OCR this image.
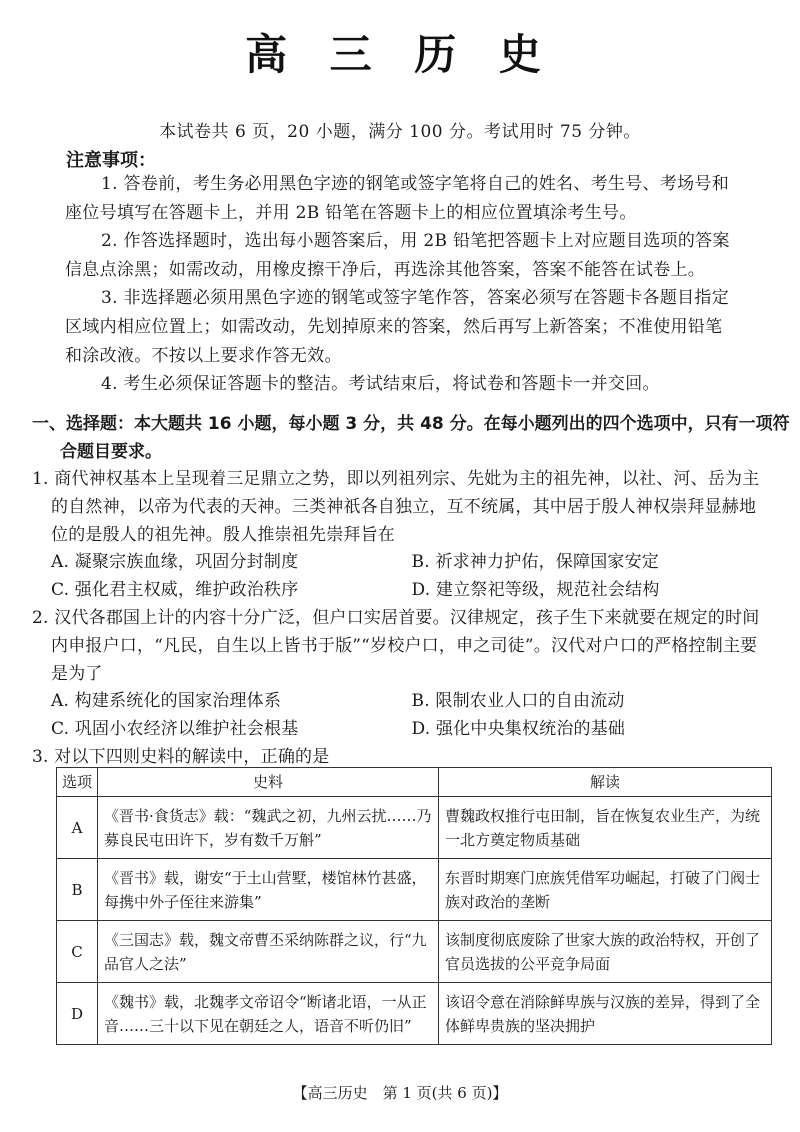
高 三 历 史
本试卷共 6 页，20 小题，满分 100 分。考试用时 75 分钟。
注意事项：

1. 答卷前，考生务必用黑色字迹的钢笔或签字笔将自己的姓名、考生号、考场号和座位号填写在答题卡上，并用 2B 铅笔在答题卡上的相应位置填涂考生号。

2. 作答选择题时，选出每小题答案后，用 2B 铅笔把答题卡上对应题目选项的答案信息点涂黑；如需改动，用橡皮擦干净后，再选涂其他答案，答案不能答在试卷上。

3. 非选择题必须用黑色字迹的钢笔或签字笔作答，答案必须写在答题卡各题目指定区域内相应位置上；如需改动，先划掉原来的答案，然后再写上新答案；不准使用铅笔和涂改液。不按以上要求作答无效。

4. 考生必须保证答题卡的整洁。考试结束后，将试卷和答题卡一并交回。

一、选择题：本大题共 16 小题，每小题 3 分，共 48 分。在每小题列出的四个选项中，只有一项符合题目要求。
1. 商代神权基本上呈现着三足鼎立之势，即以列祖列宗、先妣为主的祖先神，以社、河、岳为主的自然神，以帝为代表的天神。三类神祇各自独立，互不统属，其中居于殷人神权崇拜显赫地位的是殷人的祖先神。殷人推崇祖先崇拜旨在
A. 凝聚宗族血缘，巩固分封制度	B. 祈求神力护佑，保障国家安定
C. 强化君主权威，维护政治秩序	D. 建立祭祀等级，规范社会结构
2. 汉代各郡国上计的内容十分广泛，但户口实居首要。汉律规定，孩子生下来就要在规定的时间内申报户口，“凡民，自生以上皆书于版”“岁校户口，申之司徒”。汉代对户口的严格控制主要是为了
A. 构建系统化的国家治理体系	B. 限制农业人口的自由流动
C. 巩固小农经济以维护社会根基	D. 强化中央集权统治的基础
3. 对以下四则史料的解读中，正确的是
选项	史料	解读
A	《晋书·食货志》载：“魏武之初，九州云扰……乃募良民屯田许下，岁有数千万斛”	曹魏政权推行屯田制，旨在恢复农业生产，为统一北方奠定物质基础
B	《晋书》载，谢安“于土山营墅，楼馆林竹甚盛，每携中外子侄往来游集”	东晋时期寒门庶族凭借军功崛起，打破了门阀士族对政治的垄断
C	《三国志》载，魏文帝曹丕采纳陈群之议，行“九品官人之法”	该制度彻底废除了世家大族的政治特权，开创了官员选拔的公平竞争局面
D	《魏书》载，北魏孝文帝诏令“断诸北语，一从正音……三十以下见在朝廷之人，语音不听仍旧”	该诏令意在消除鲜卑族与汉族的差异，得到了全体鲜卑贵族的坚决拥护
【高三历史　第 1 页(共 6 页)】
